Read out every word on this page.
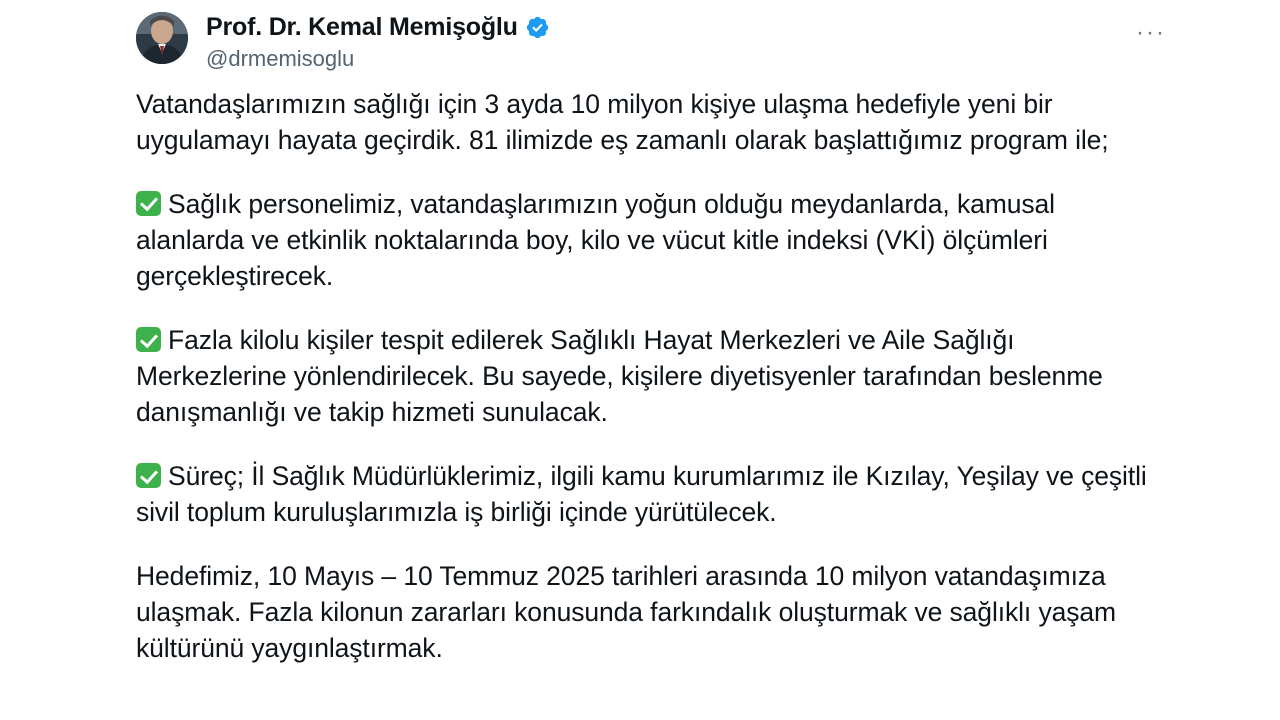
Prof. Dr. Kemal Memişoğlu
@drmemisoglu
···

Vatandaşlarımızın sağlığı için 3 ayda 10 milyon kişiye ulaşma hedefiyle yeni bir uygulamayı hayata geçirdik. 81 ilimizde eş zamanlı olarak başlattığımız program ile;

Sağlık personelimiz, vatandaşlarımızın yoğun olduğu meydanlarda, kamusal alanlarda ve etkinlik noktalarında boy, kilo ve vücut kitle indeksi (VKİ) ölçümleri gerçekleştirecek.

Fazla kilolu kişiler tespit edilerek Sağlıklı Hayat Merkezleri ve Aile Sağlığı Merkezlerine yönlendirilecek. Bu sayede, kişilere diyetisyenler tarafından beslenme danışmanlığı ve takip hizmeti sunulacak.

Süreç; İl Sağlık Müdürlüklerimiz, ilgili kamu kurumlarımız ile Kızılay, Yeşilay ve çeşitli sivil toplum kuruluşlarımızla iş birliği içinde yürütülecek.

Hedefimiz, 10 Mayıs – 10 Temmuz 2025 tarihleri arasında 10 milyon vatandaşımıza ulaşmak. Fazla kilonun zararları konusunda farkındalık oluşturmak ve sağlıklı yaşam kültürünü yaygınlaştırmak.
